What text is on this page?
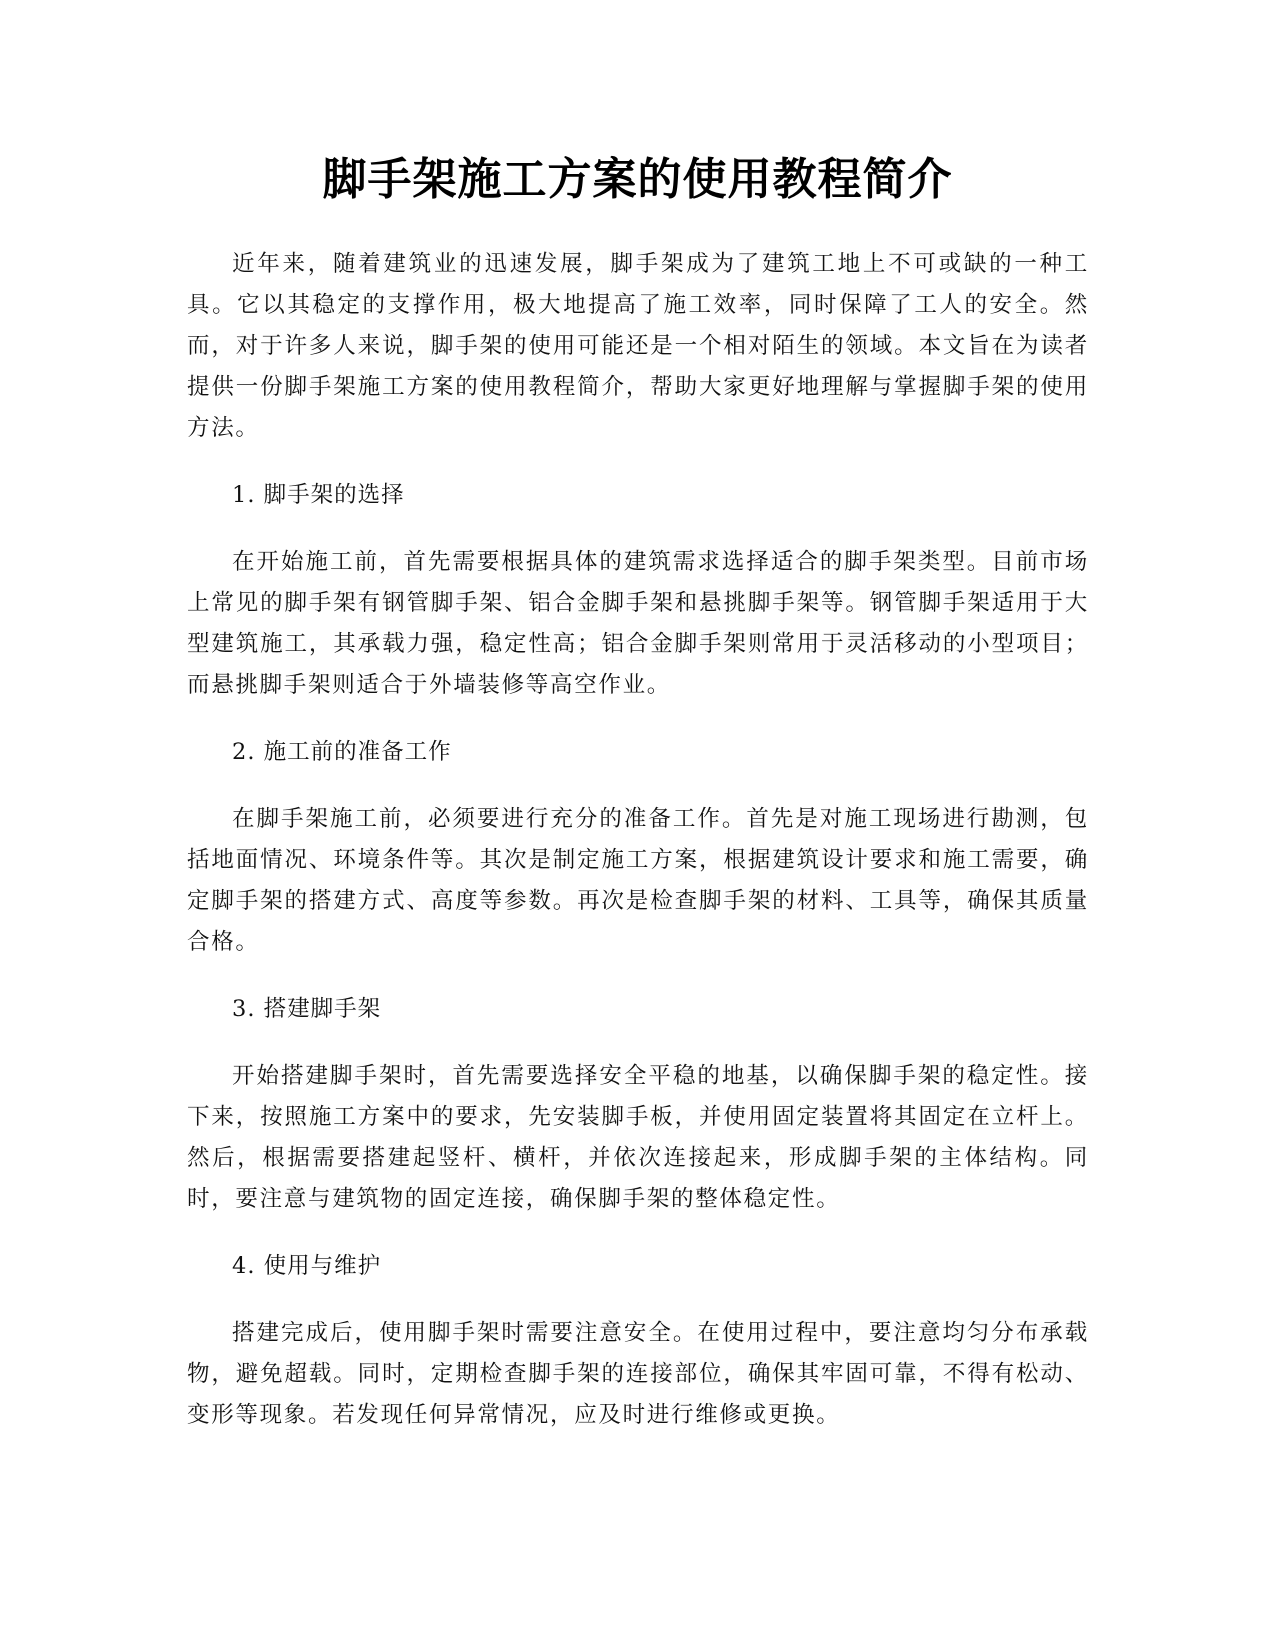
脚手架施工方案的使用教程简介

近年来，随着建筑业的迅速发展，脚手架成为了建筑工地上不可或缺的一种工具。它以其稳定的支撑作用，极大地提高了施工效率，同时保障了工人的安全。然而，对于许多人来说，脚手架的使用可能还是一个相对陌生的领域。本文旨在为读者提供一份脚手架施工方案的使用教程简介，帮助大家更好地理解与掌握脚手架的使用方法。

1. 脚手架的选择

在开始施工前，首先需要根据具体的建筑需求选择适合的脚手架类型。目前市场上常见的脚手架有钢管脚手架、铝合金脚手架和悬挑脚手架等。钢管脚手架适用于大型建筑施工，其承载力强，稳定性高；铝合金脚手架则常用于灵活移动的小型项目；而悬挑脚手架则适合于外墙装修等高空作业。

2. 施工前的准备工作

在脚手架施工前，必须要进行充分的准备工作。首先是对施工现场进行勘测，包括地面情况、环境条件等。其次是制定施工方案，根据建筑设计要求和施工需要，确定脚手架的搭建方式、高度等参数。再次是检查脚手架的材料、工具等，确保其质量合格。

3. 搭建脚手架

开始搭建脚手架时，首先需要选择安全平稳的地基，以确保脚手架的稳定性。接下来，按照施工方案中的要求，先安装脚手板，并使用固定装置将其固定在立杆上。然后，根据需要搭建起竖杆、横杆，并依次连接起来，形成脚手架的主体结构。同时，要注意与建筑物的固定连接，确保脚手架的整体稳定性。

4. 使用与维护

搭建完成后，使用脚手架时需要注意安全。在使用过程中，要注意均匀分布承载物，避免超载。同时，定期检查脚手架的连接部位，确保其牢固可靠，不得有松动、变形等现象。若发现任何异常情况，应及时进行维修或更换。
